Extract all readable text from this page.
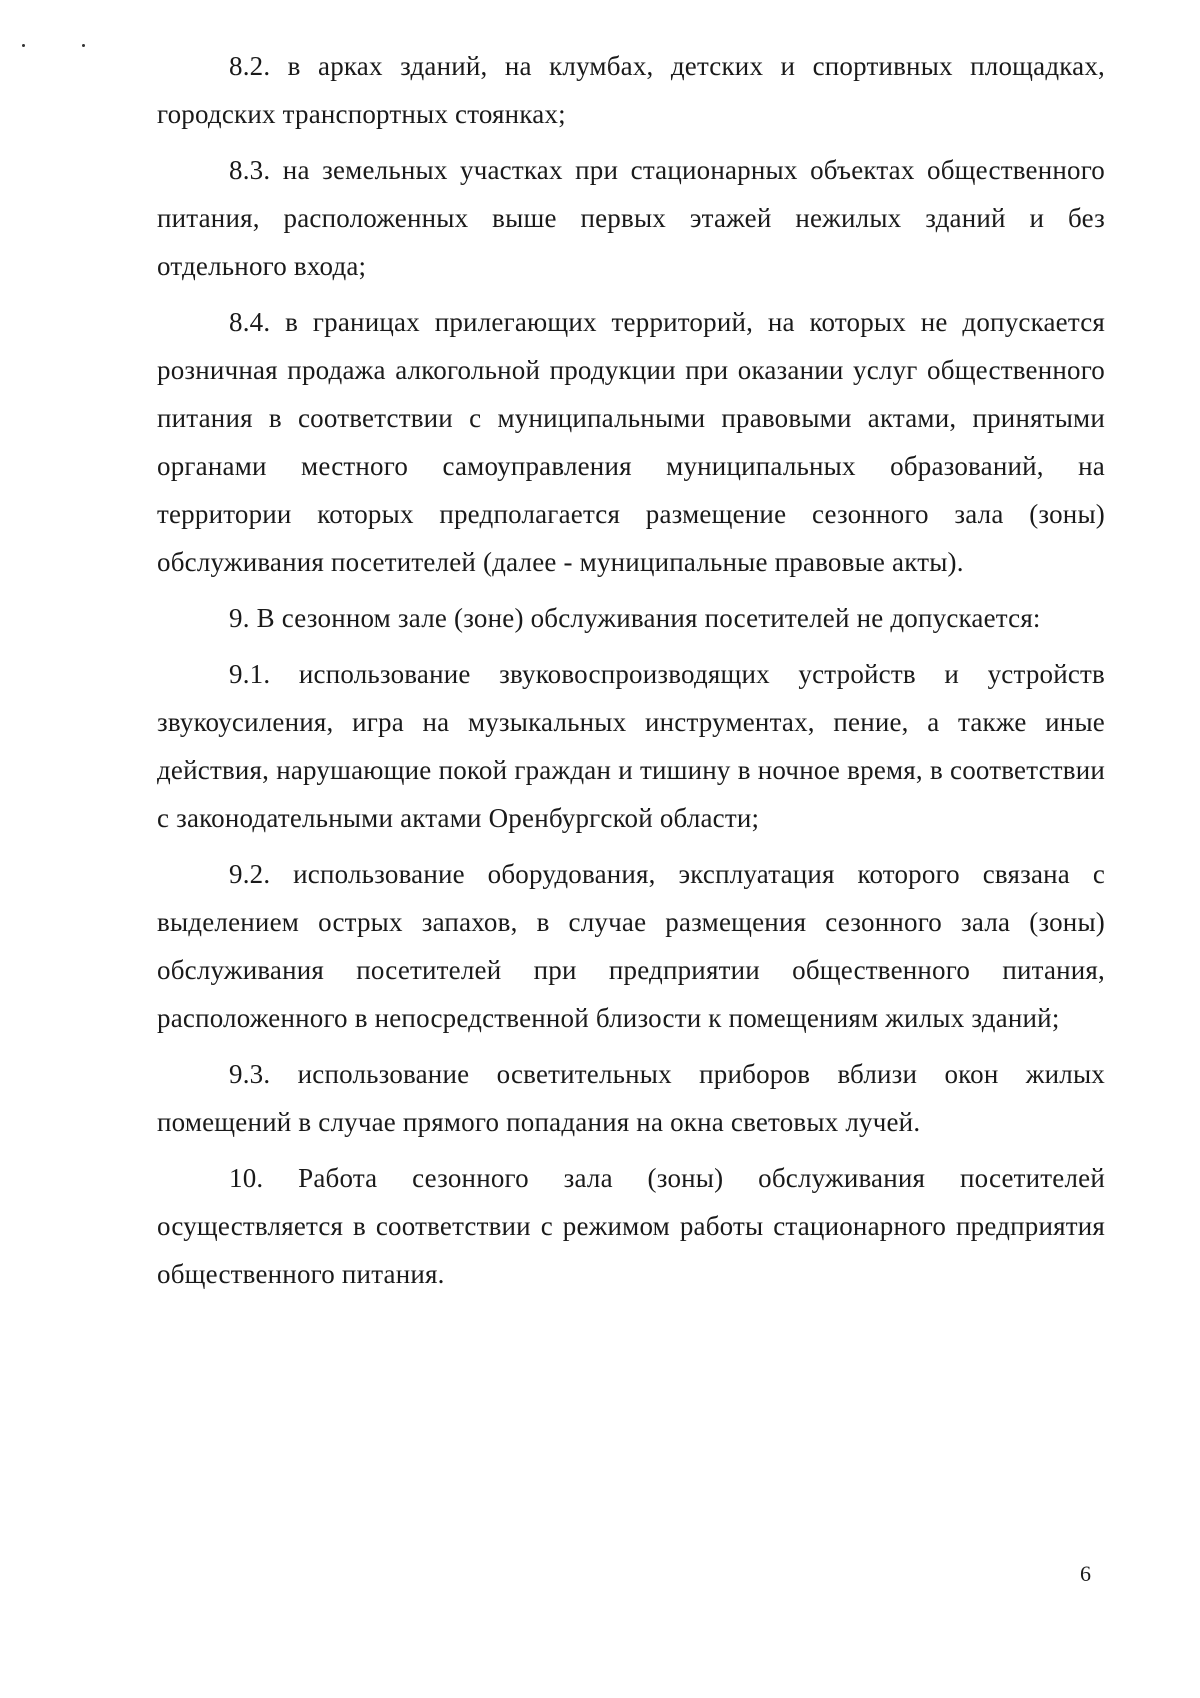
8.2. в арках зданий, на клумбах, детских и спортивных площадках, городских транспортных стоянках;

8.3. на земельных участках при стационарных объектах общественного питания, расположенных выше первых этажей нежилых зданий и без отдельного входа;

8.4. в границах прилегающих территорий, на которых не допускается розничная продажа алкогольной продукции при оказании услуг общественного питания в соответствии с муниципальными правовыми актами, принятыми органами местного самоуправления муниципальных образований, на территории которых предполагается размещение сезонного зала (зоны) обслуживания посетителей (далее - муниципальные правовые акты).

9. В сезонном зале (зоне) обслуживания посетителей не допускается:

9.1. использование звуковоспроизводящих устройств и устройств звукоусиления, игра на музыкальных инструментах, пение, а также иные действия, нарушающие покой граждан и тишину в ночное время, в соответствии с законодательными актами Оренбургской области;

9.2. использование оборудования, эксплуатация которого связана с выделением острых запахов, в случае размещения сезонного зала (зоны) обслуживания посетителей при предприятии общественного питания, расположенного в непосредственной близости к помещениям жилых зданий;

9.3. использование осветительных приборов вблизи окон жилых помещений в случае прямого попадания на окна световых лучей.

10. Работа сезонного зала (зоны) обслуживания посетителей осуществляется в соответствии с режимом работы стационарного предприятия общественного питания.

6
